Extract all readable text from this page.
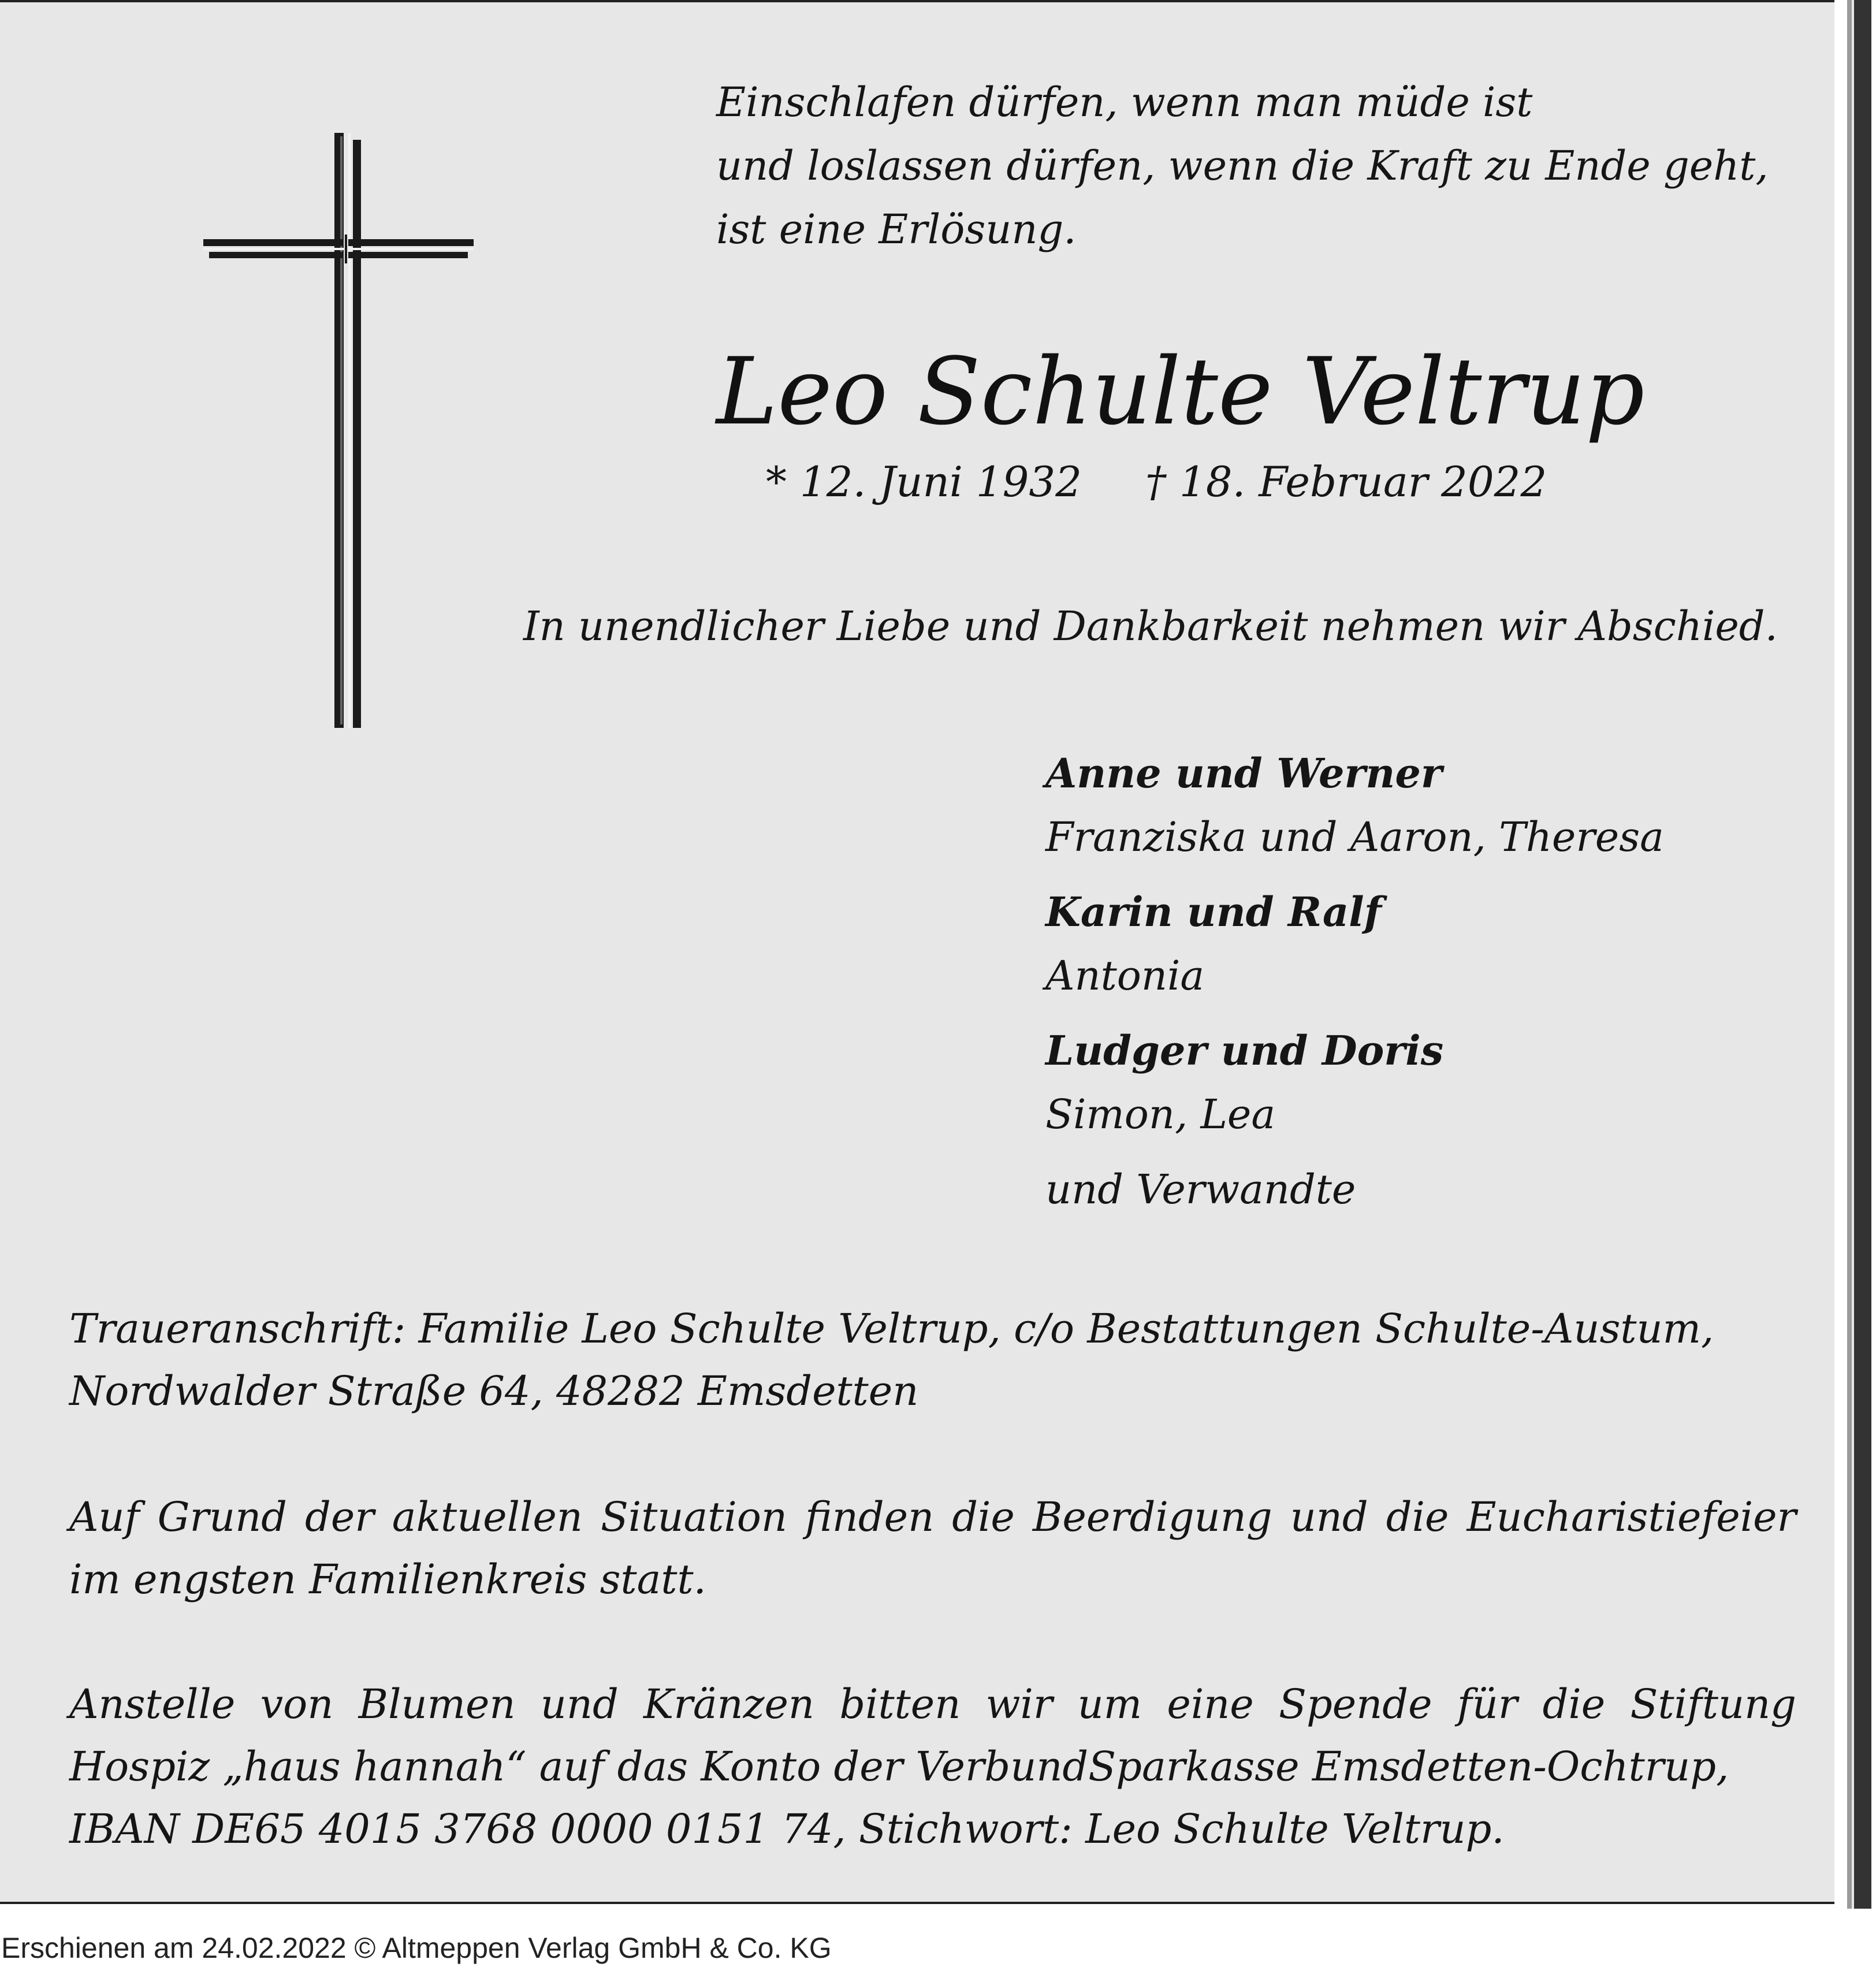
Einschlafen dürfen, wenn man müde ist
und loslassen dürfen, wenn die Kraft zu Ende geht,
ist eine Erlösung.
Leo Schulte Veltrup
* 12. Juni 1932 † 18. Februar 2022
In unendlicher Liebe und Dankbarkeit nehmen wir Abschied.
Anne und Werner
Franziska und Aaron, Theresa
Karin und Ralf
Antonia
Ludger und Doris
Simon, Lea
und Verwandte
Traueranschrift: Familie Leo Schulte Veltrup, c/o Bestattungen Schulte-Austum,
Nordwalder Straße 64, 48282 Emsdetten
Auf Grund der aktuellen Situation finden die Beerdigung und die Eucharistiefeier
im engsten Familienkreis statt.
Anstelle von Blumen und Kränzen bitten wir um eine Spende für die Stiftung
Hospiz „haus hannah“ auf das Konto der VerbundSparkasse Emsdetten-Ochtrup,
IBAN DE65 4015 3768 0000 0151 74, Stichwort: Leo Schulte Veltrup.
Erschienen am 24.02.2022 © Altmeppen Verlag GmbH & Co. KG
